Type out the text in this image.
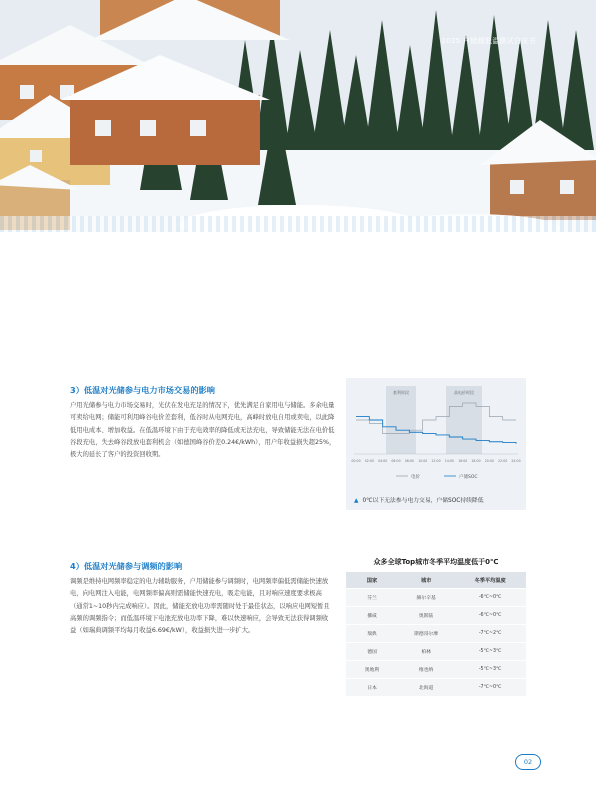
2025 户储越低温测试白皮书
3）低温对光储参与电力市场交易的影响

户用光储参与电力市场交易时，光伏在发电充足的情况下，优先满足自家用电与储能。多余电量可卖给电网；储能可利用峰谷电价差套利，低谷时从电网充电，高峰时放电自用或卖电，以此降低用电成本、增加收益。在低温环境下由于充电效率的降低或无法充电，导致储能无法在电价低谷段充电，失去峰谷段放电套利机会（如德国峰谷价差0.24€/kWh），用户年收益损失超25%，极大的延长了客户的投资回收期。

套利时段	高电价时段
00:00 02:00 04:00 06:00 08:00 10:00 12:00 14:00 16:00 18:00 20:00 22:00 24:00
电价	户储SOC
▲ 0℃以下无法参与电力交易，户储SOC持续降低
4）低温对光储参与调频的影响

调频是维持电网频率稳定的电力辅助服务，户用储能参与调频时，电网频率偏低需储能快速放电，向电网注入电能，电网频率偏高则需储能快速充电，吸走电能，且对响应速度要求极高（通常1~10秒内完成响应）。因此，储能充放电功率需随时处于最佳状态，以响应电网短暂且高频的调频指令；而低温环境下电池充放电功率下降，难以快速响应，会导致无法获得调频收益（如瑞典调频平均每月收益6.69€/kW），收益损失进一步扩大。

众多全球Top城市冬季平均温度低于0℃
国家	城市	冬季平均温度
芬兰	赫尔辛基	-6℃~0℃
挪威	奥斯陆	-6℃~0℃
瑞典	斯德哥尔摩	-7℃~2℃
德国	柏林	-5℃~3℃
奥地利	维也纳	-5℃~3℃
日本	北海道	-7℃~0℃
02
